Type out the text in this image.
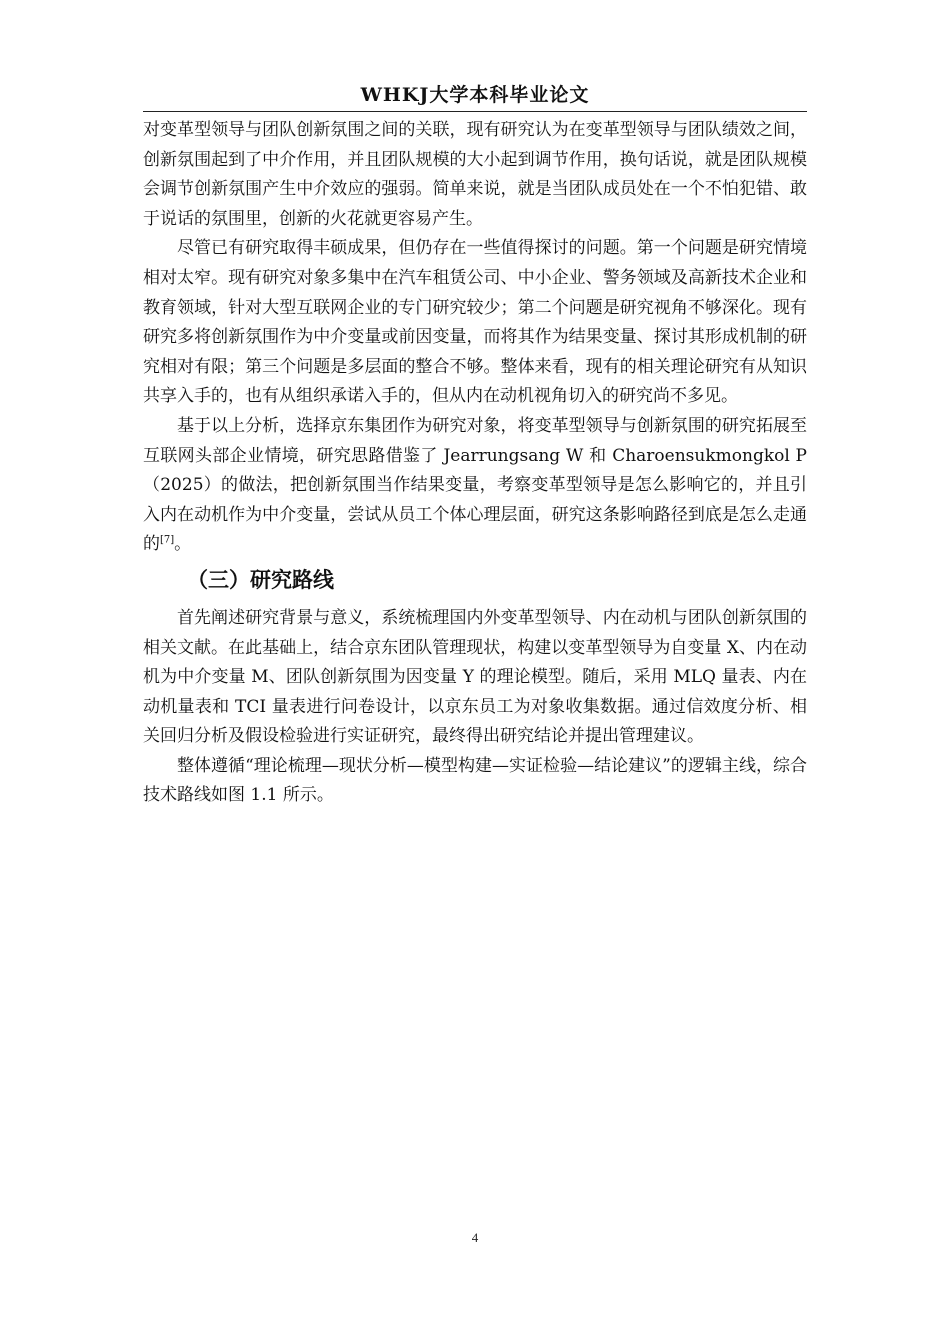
WHKJ大学本科毕业论文

对变革型领导与团队创新氛围之间的关联，现有研究认为在变革型领导与团队绩效之间，创新氛围起到了中介作用，并且团队规模的大小起到调节作用，换句话说，就是团队规模会调节创新氛围产生中介效应的强弱。简单来说，就是当团队成员处在一个不怕犯错、敢于说话的氛围里，创新的火花就更容易产生。

尽管已有研究取得丰硕成果，但仍存在一些值得探讨的问题。第一个问题是研究情境相对太窄。现有研究对象多集中在汽车租赁公司、中小企业、警务领域及高新技术企业和教育领域，针对大型互联网企业的专门研究较少；第二个问题是研究视角不够深化。现有研究多将创新氛围作为中介变量或前因变量，而将其作为结果变量、探讨其形成机制的研究相对有限；第三个问题是多层面的整合不够。整体来看，现有的相关理论研究有从知识共享入手的，也有从组织承诺入手的，但从内在动机视角切入的研究尚不多见。

基于以上分析，选择京东集团作为研究对象，将变革型领导与创新氛围的研究拓展至互联网头部企业情境，研究思路借鉴了 Jearrungsang W 和 Charoensukmongkol P（2025）的做法，把创新氛围当作结果变量，考察变革型领导是怎么影响它的，并且引入内在动机作为中介变量，尝试从员工个体心理层面，研究这条影响路径到底是怎么走通的[7]。

（三）研究路线

首先阐述研究背景与意义，系统梳理国内外变革型领导、内在动机与团队创新氛围的相关文献。在此基础上，结合京东团队管理现状，构建以变革型领导为自变量 X、内在动机为中介变量 M、团队创新氛围为因变量 Y 的理论模型。随后，采用 MLQ 量表、内在动机量表和 TCI 量表进行问卷设计，以京东员工为对象收集数据。通过信效度分析、相关回归分析及假设检验进行实证研究，最终得出研究结论并提出管理建议。

整体遵循“理论梳理—现状分析—模型构建—实证检验—结论建议”的逻辑主线，综合技术路线如图 1.1 所示。

4
